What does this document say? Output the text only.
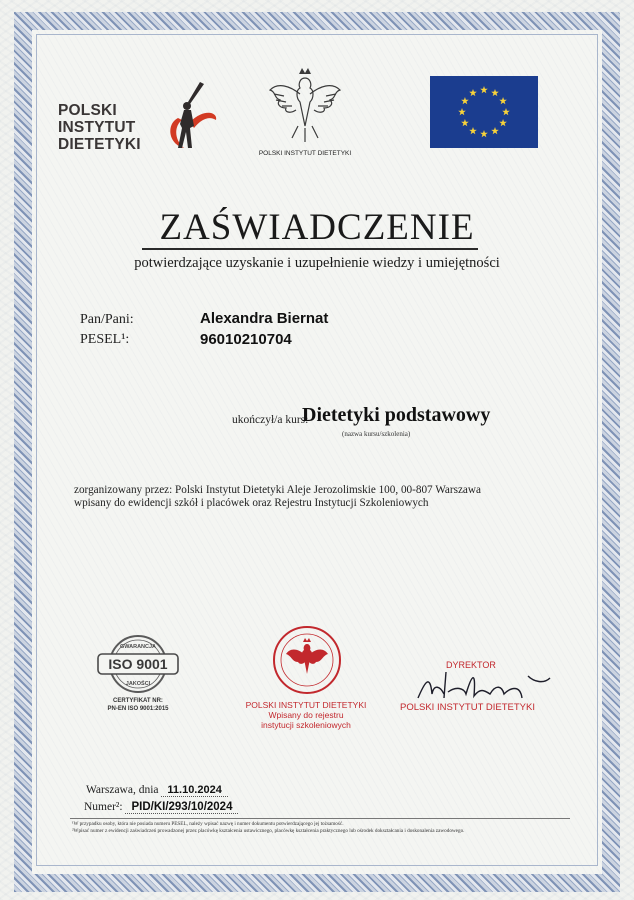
POLSKI
INSTYTUT
DIETETYKI
POLSKI INSTYTUT DIETETYKI
ZAŚWIADCZENIE
potwierdzające uzyskanie i uzupełnienie wiedzy i umiejętności
Pan/Pani:	Alexandra Biernat
PESEL¹:	96010210704
ukończył/a kurs:
Dietetyki podstawowy
(nazwa kursu/szkolenia)
zorganizowany przez: Polski Instytut Dietetyki Aleje Jerozolimskie 100, 00-807 Warszawa
wpisany do ewidencji szkół i placówek oraz Rejestru Instytucji Szkoleniowych
ISO 9001
GWARANCJA
JAKOŚCI
CERTYFIKAT NR:
PN-EN ISO 9001:2015	POLSKI INSTYTUT DIETETYKI
Wpisany do rejestru
instytucji szkoleniowych
DYREKTOR
POLSKI INSTYTUT DIETETYKI
Warszawa, dnia 11.10.2024
Numer²: PID/KI/293/10/2024
¹W przypadku osoby, która nie posiada numeru PESEL, należy wpisać nazwę i numer dokumentu potwierdzającego jej tożsamość.
²Wpisać numer z ewidencji zaświadczeń prowadzonej przez placówkę kształcenia ustawicznego, placówkę kształcenia praktycznego lub ośrodek dokształcania i doskonalenia zawodowego.
